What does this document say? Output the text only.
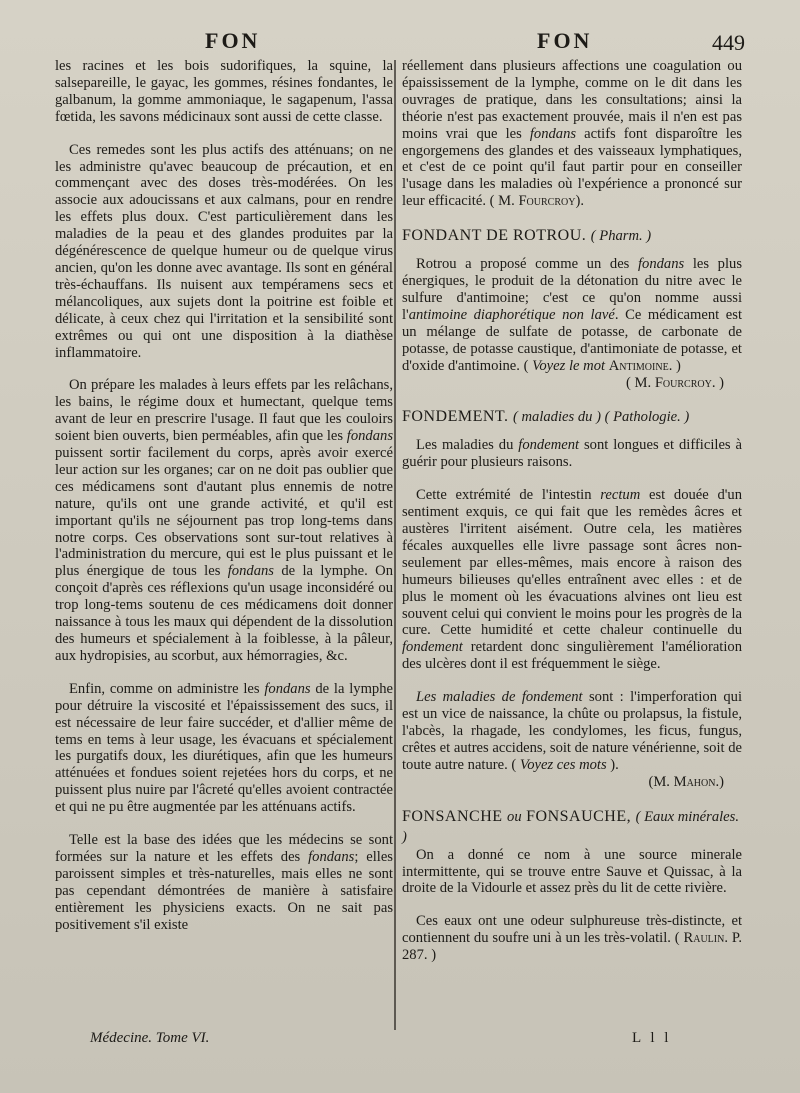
FON	FON	449

les racines et les bois sudorifiques, la squine, la salsepareille, le gayac, les gommes, résines fondantes, le galbanum, la gomme ammoniaque, le sagapenum, l'assa fœtida, les savons médicinaux sont aussi de cette classe.

Ces remedes sont les plus actifs des atténuans; on ne les administre qu'avec beaucoup de précaution, et en commençant avec des doses très-modérées. On les associe aux adoucissans et aux calmans, pour en rendre les effets plus doux. C'est particulièrement dans les maladies de la peau et des glandes produites par la dégénérescence de quelque humeur ou de quelque virus ancien, qu'on les donne avec avantage. Ils sont en général très-échauffans. Ils nuisent aux tempéramens secs et mélancoliques, aux sujets dont la poitrine est foible et délicate, à ceux chez qui l'irritation et la sensibilité sont extrêmes ou qui ont une disposition à la diathèse inflammatoire.

On prépare les malades à leurs effets par les relâchans, les bains, le régime doux et humectant, quelque tems avant de leur en prescrire l'usage. Il faut que les couloirs soient bien ouverts, bien perméables, afin que les fondans puissent sortir facilement du corps, après avoir exercé leur action sur les organes; car on ne doit pas oublier que ces médicamens sont d'autant plus ennemis de notre nature, qu'ils ont une grande activité, et qu'il est important qu'ils ne séjournent pas trop long-tems dans notre corps. Ces observations sont sur-tout relatives à l'administration du mercure, qui est le plus puissant et le plus énergique de tous les fondans de la lymphe. On conçoit d'après ces réflexions qu'un usage inconsidéré ou trop long-tems soutenu de ces médicamens doit donner naissance à tous les maux qui dépendent de la dissolution des humeurs et spécialement à la foiblesse, à la pâleur, aux hydropisies, au scorbut, aux hémorragies, &c.

Enfin, comme on administre les fondans de la lymphe pour détruire la viscosité et l'épaississement des sucs, il est nécessaire de leur faire succéder, et d'allier même de tems en tems à leur usage, les évacuans et spécialement les purgatifs doux, les diurétiques, afin que les humeurs atténuées et fondues soient rejetées hors du corps, et ne puissent plus nuire par l'âcreté qu'elles avoient contractée et qui ne pu être augmentée par les atténuans actifs.

Telle est la base des idées que les médecins se sont formées sur la nature et les effets des fondans; elles paroissent simples et très-naturelles, mais elles ne sont pas cependant démontrées de manière à satisfaire entièrement les physiciens exacts. On ne sait pas positivement s'il existe

réellement dans plusieurs affections une coagulation ou épaississement de la lymphe, comme on le dit dans les ouvrages de pratique, dans les consultations; ainsi la théorie n'est pas exactement prouvée, mais il n'en est pas moins vrai que les fondans actifs font disparoître les engorgemens des glandes et des vaisseaux lymphatiques, et c'est de ce point qu'il faut partir pour en conseiller l'usage dans les maladies où l'expérience a prononcé sur leur efficacité. ( M. Fourcroy).

FONDANT DE ROTROU. ( Pharm. )

Rotrou a proposé comme un des fondans les plus énergiques, le produit de la détonation du nitre avec le sulfure d'antimoine; c'est ce qu'on nomme aussi l'antimoine diaphorétique non lavé. Ce médicament est un mélange de sulfate de potasse, de carbonate de potasse, de potasse caustique, d'antimoniate de potasse, et d'oxide d'antimoine. ( Voyez le mot Antimoine. )

( M. Fourcroy. )

FONDEMENT. ( maladies du ) ( Pathologie. )

Les maladies du fondement sont longues et difficiles à guérir pour plusieurs raisons.

Cette extrémité de l'intestin rectum est douée d'un sentiment exquis, ce qui fait que les remèdes âcres et austères l'irritent aisément. Outre cela, les matières fécales auxquelles elle livre passage sont âcres non-seulement par elles-mêmes, mais encore à raison des humeurs bilieuses qu'elles entraînent avec elles : et de plus le moment où les évacuations alvines ont lieu est souvent celui qui convient le moins pour les progrès de la cure. Cette humidité et cette chaleur continuelle du fondement retardent donc singulièrement l'amélioration des ulcères dont il est fréquemment le siège.

Les maladies de fondement sont : l'imperforation qui est un vice de naissance, la chûte ou prolapsus, la fistule, l'abcès, la rhagade, les condylomes, les ficus, fungus, crêtes et autres accidens, soit de nature vénérienne, soit de toute autre nature. ( Voyez ces mots ).

(M. Mahon.)

FONSANCHE ou FONSAUCHE, ( Eaux minérales. )

On a donné ce nom à une source minerale intermittente, qui se trouve entre Sauve et Quissac, à la droite de la Vidourle et assez près du lit de cette rivière.

Ces eaux ont une odeur sulphureuse très-distincte, et contiennent du soufre uni à un les très-volatil. ( Raulin. P. 287. )

Médecine. Tome VI.	L l l
